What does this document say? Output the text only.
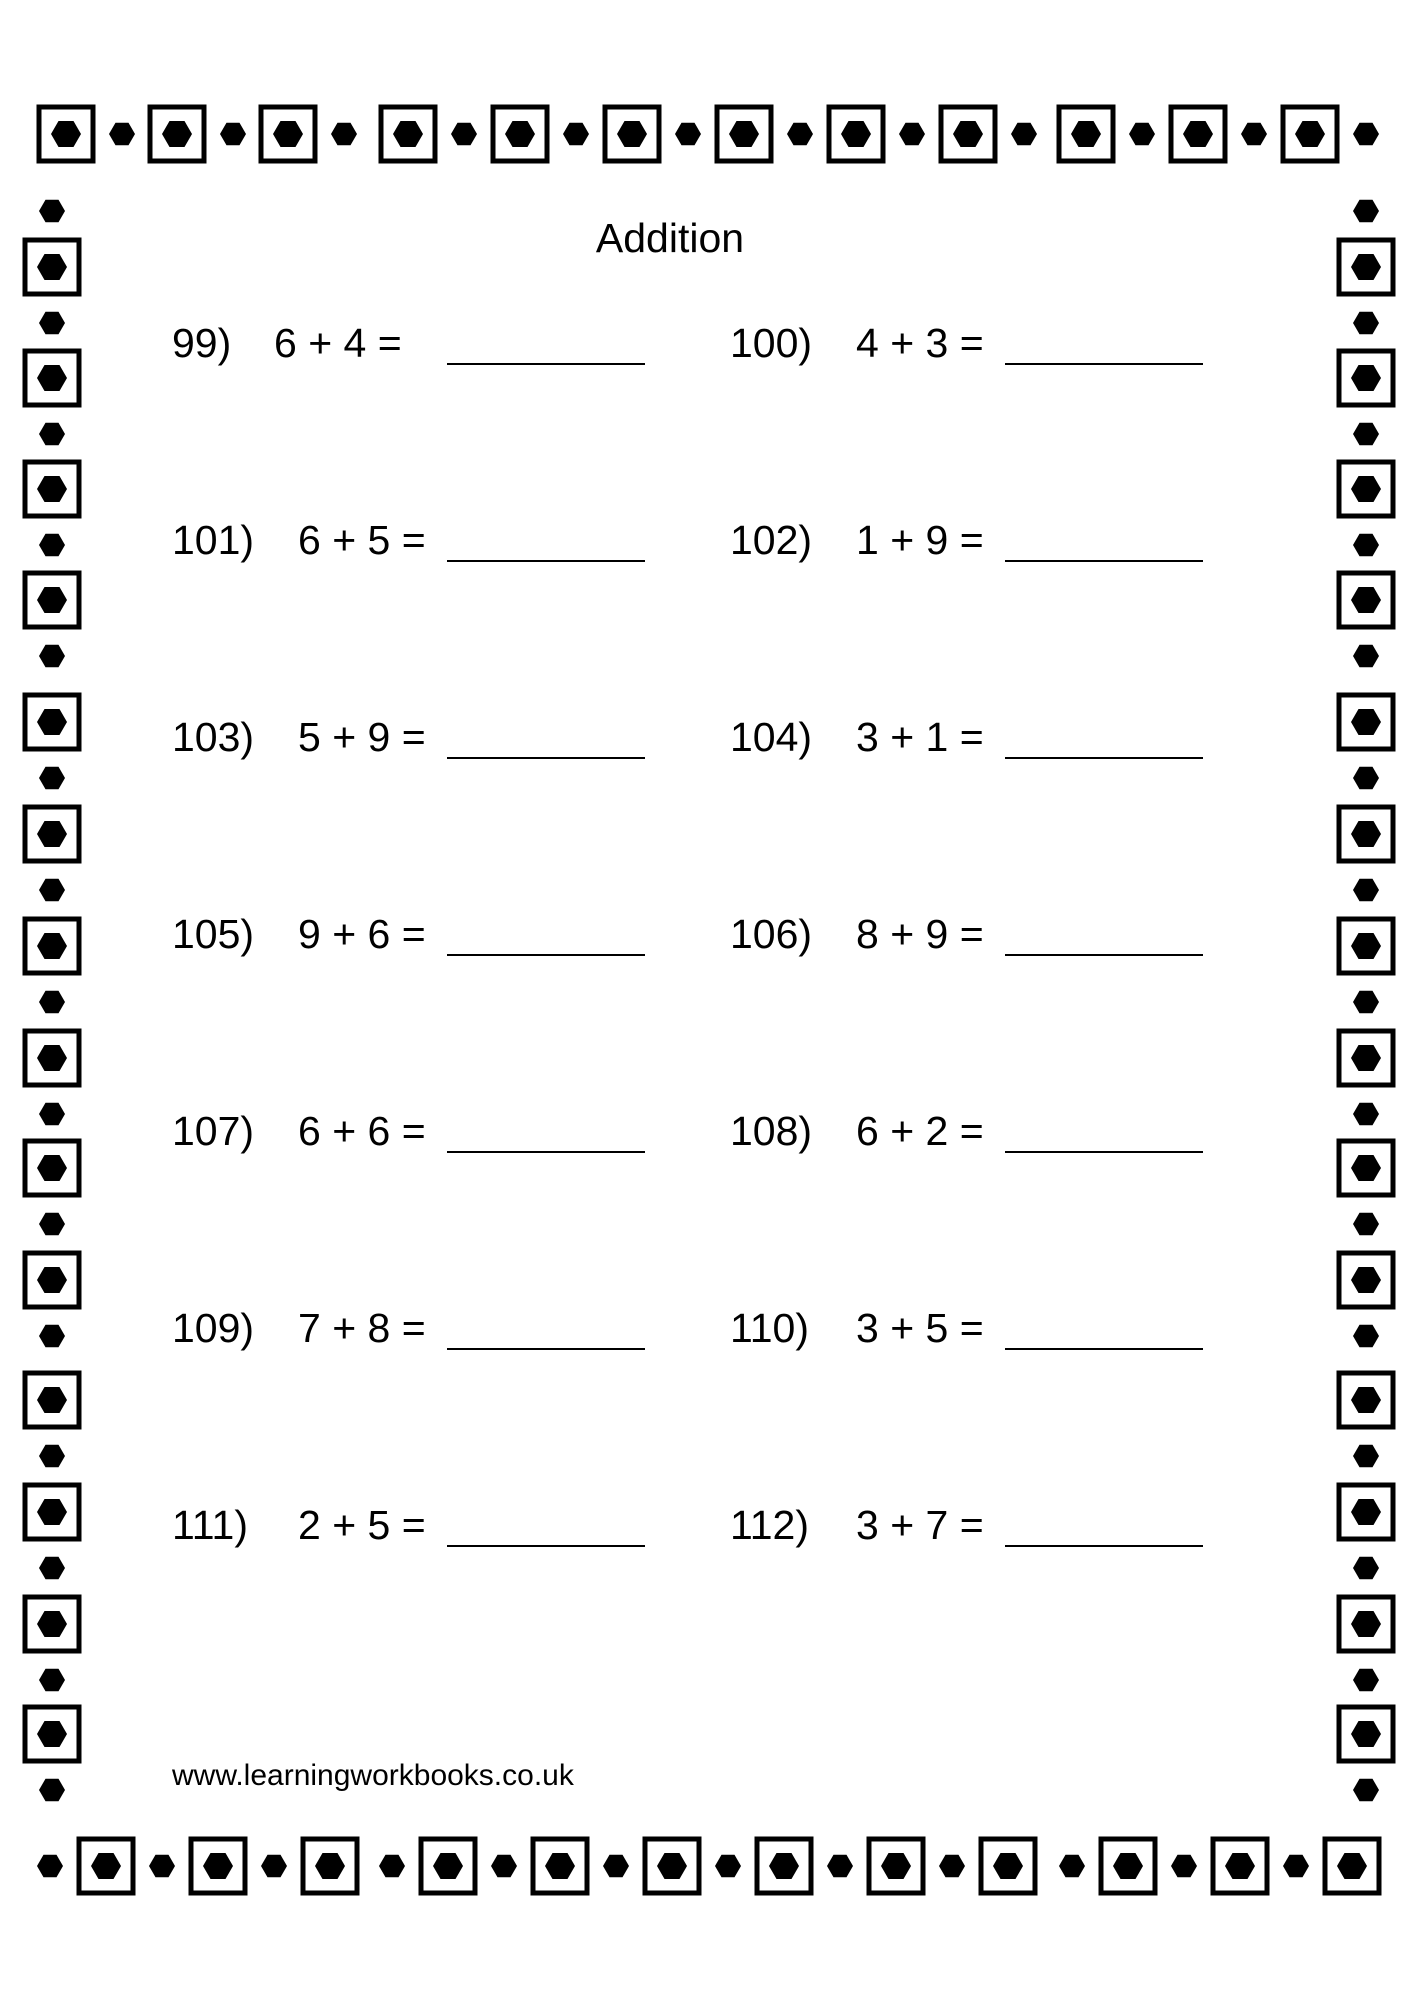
Addition
99) 6 + 4 =	100) 4 + 3 =
101) 6 + 5 =	102) 1 + 9 =
103) 5 + 9 =	104) 3 + 1 =
105) 9 + 6 =	106) 8 + 9 =
107) 6 + 6 =	108) 6 + 2 =
109) 7 + 8 =	110) 3 + 5 =
111) 2 + 5 =	112) 3 + 7 =
www.learningworkbooks.co.uk
